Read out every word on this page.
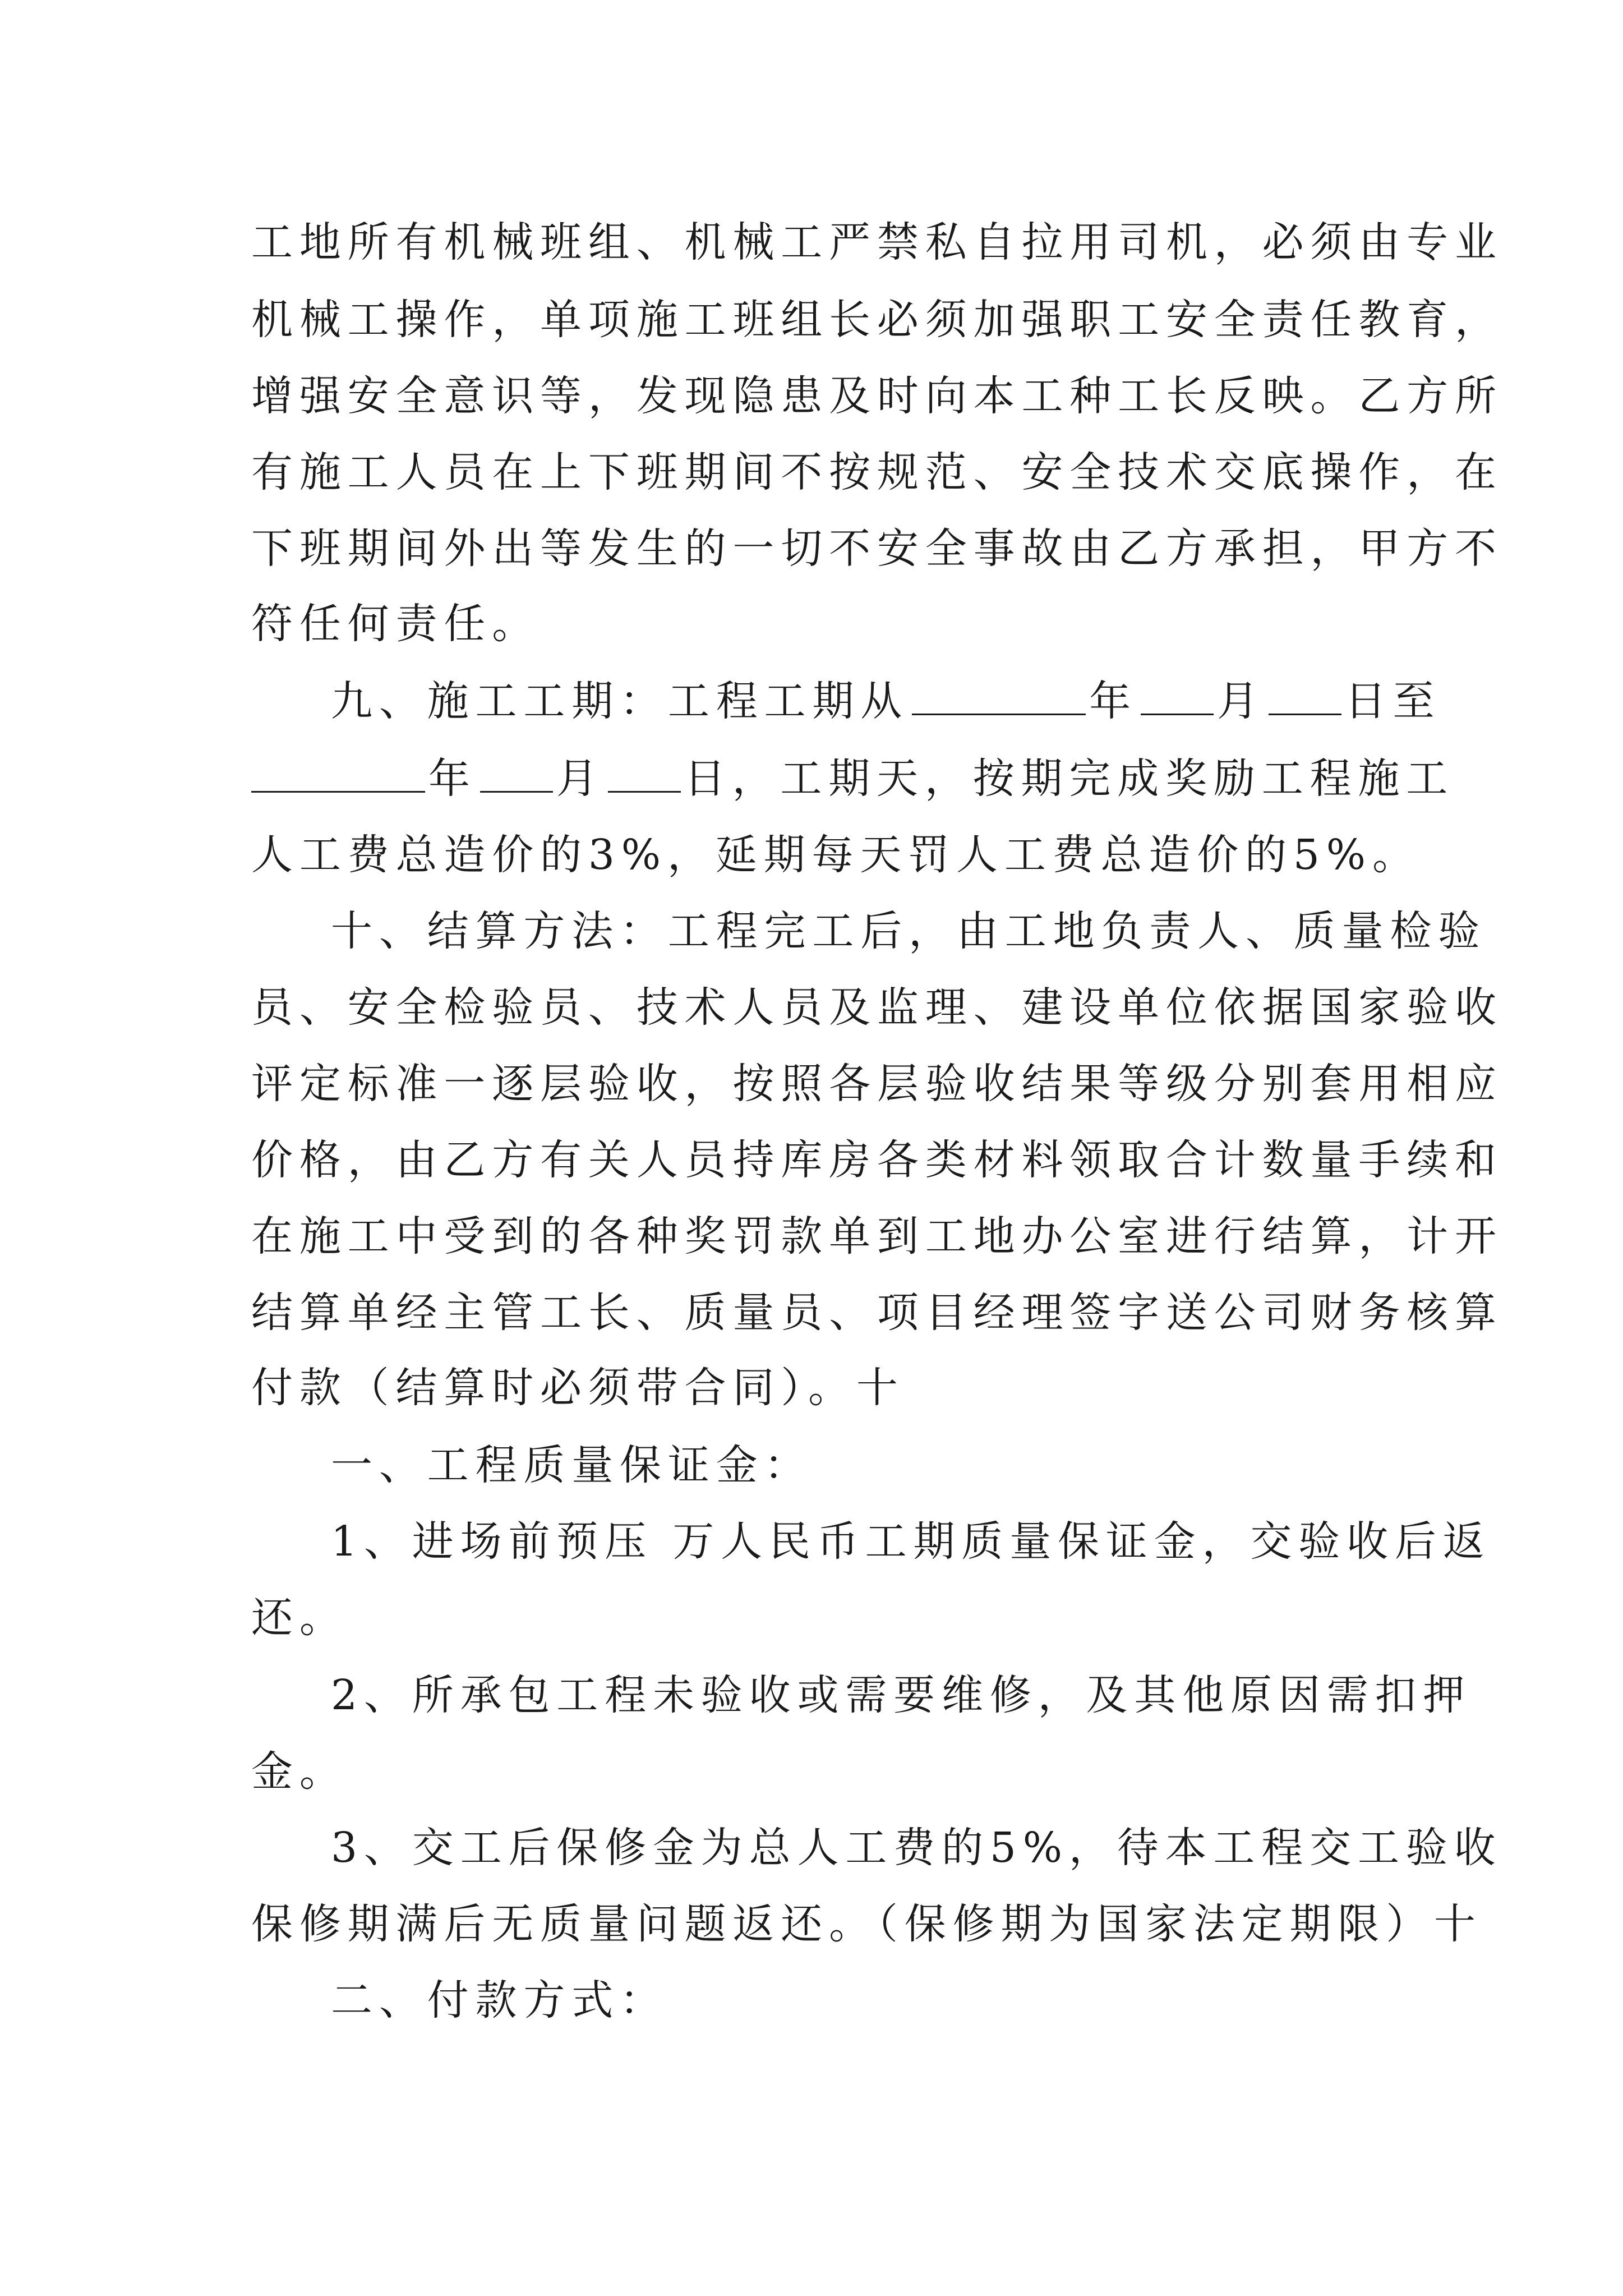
工地所有机械班组、机械工严禁私自拉用司机，必须由专业
机械工操作，单项施工班组长必须加强职工安全责任教育，
增强安全意识等，发现隐患及时向本工种工长反映。乙方所
有施工人员在上下班期间不按规范、安全技术交底操作，在
下班期间外出等发生的一切不安全事故由乙方承担，甲方不
符任何责任。
九、施工工期：工程工期从	年 月 日至
年 月 日，工期天，按期完成奖励工程施工
人工费总造价的3%，延期每天罚人工费总造价的5%。
十、结算方法：工程完工后，由工地负责人、质量检验
员、安全检验员、技术人员及监理、建设单位依据国家验收
评定标准一逐层验收，按照各层验收结果等级分别套用相应
价格，由乙方有关人员持库房各类材料领取合计数量手续和
在施工中受到的各种奖罚款单到工地办公室进行结算，计开
结算单经主管工长、质量员、项目经理签字送公司财务核算
付款（结算时必须带合同）。十
一、工程质量保证金：
1、进场前预压 万人民币工期质量保证金，交验收后返
还。
2、所承包工程未验收或需要维修，及其他原因需扣押
金。
3、交工后保修金为总人工费的5%，待本工程交工验收
保修期满后无质量问题返还。（保修期为国家法定期限）十
二、付款方式：
